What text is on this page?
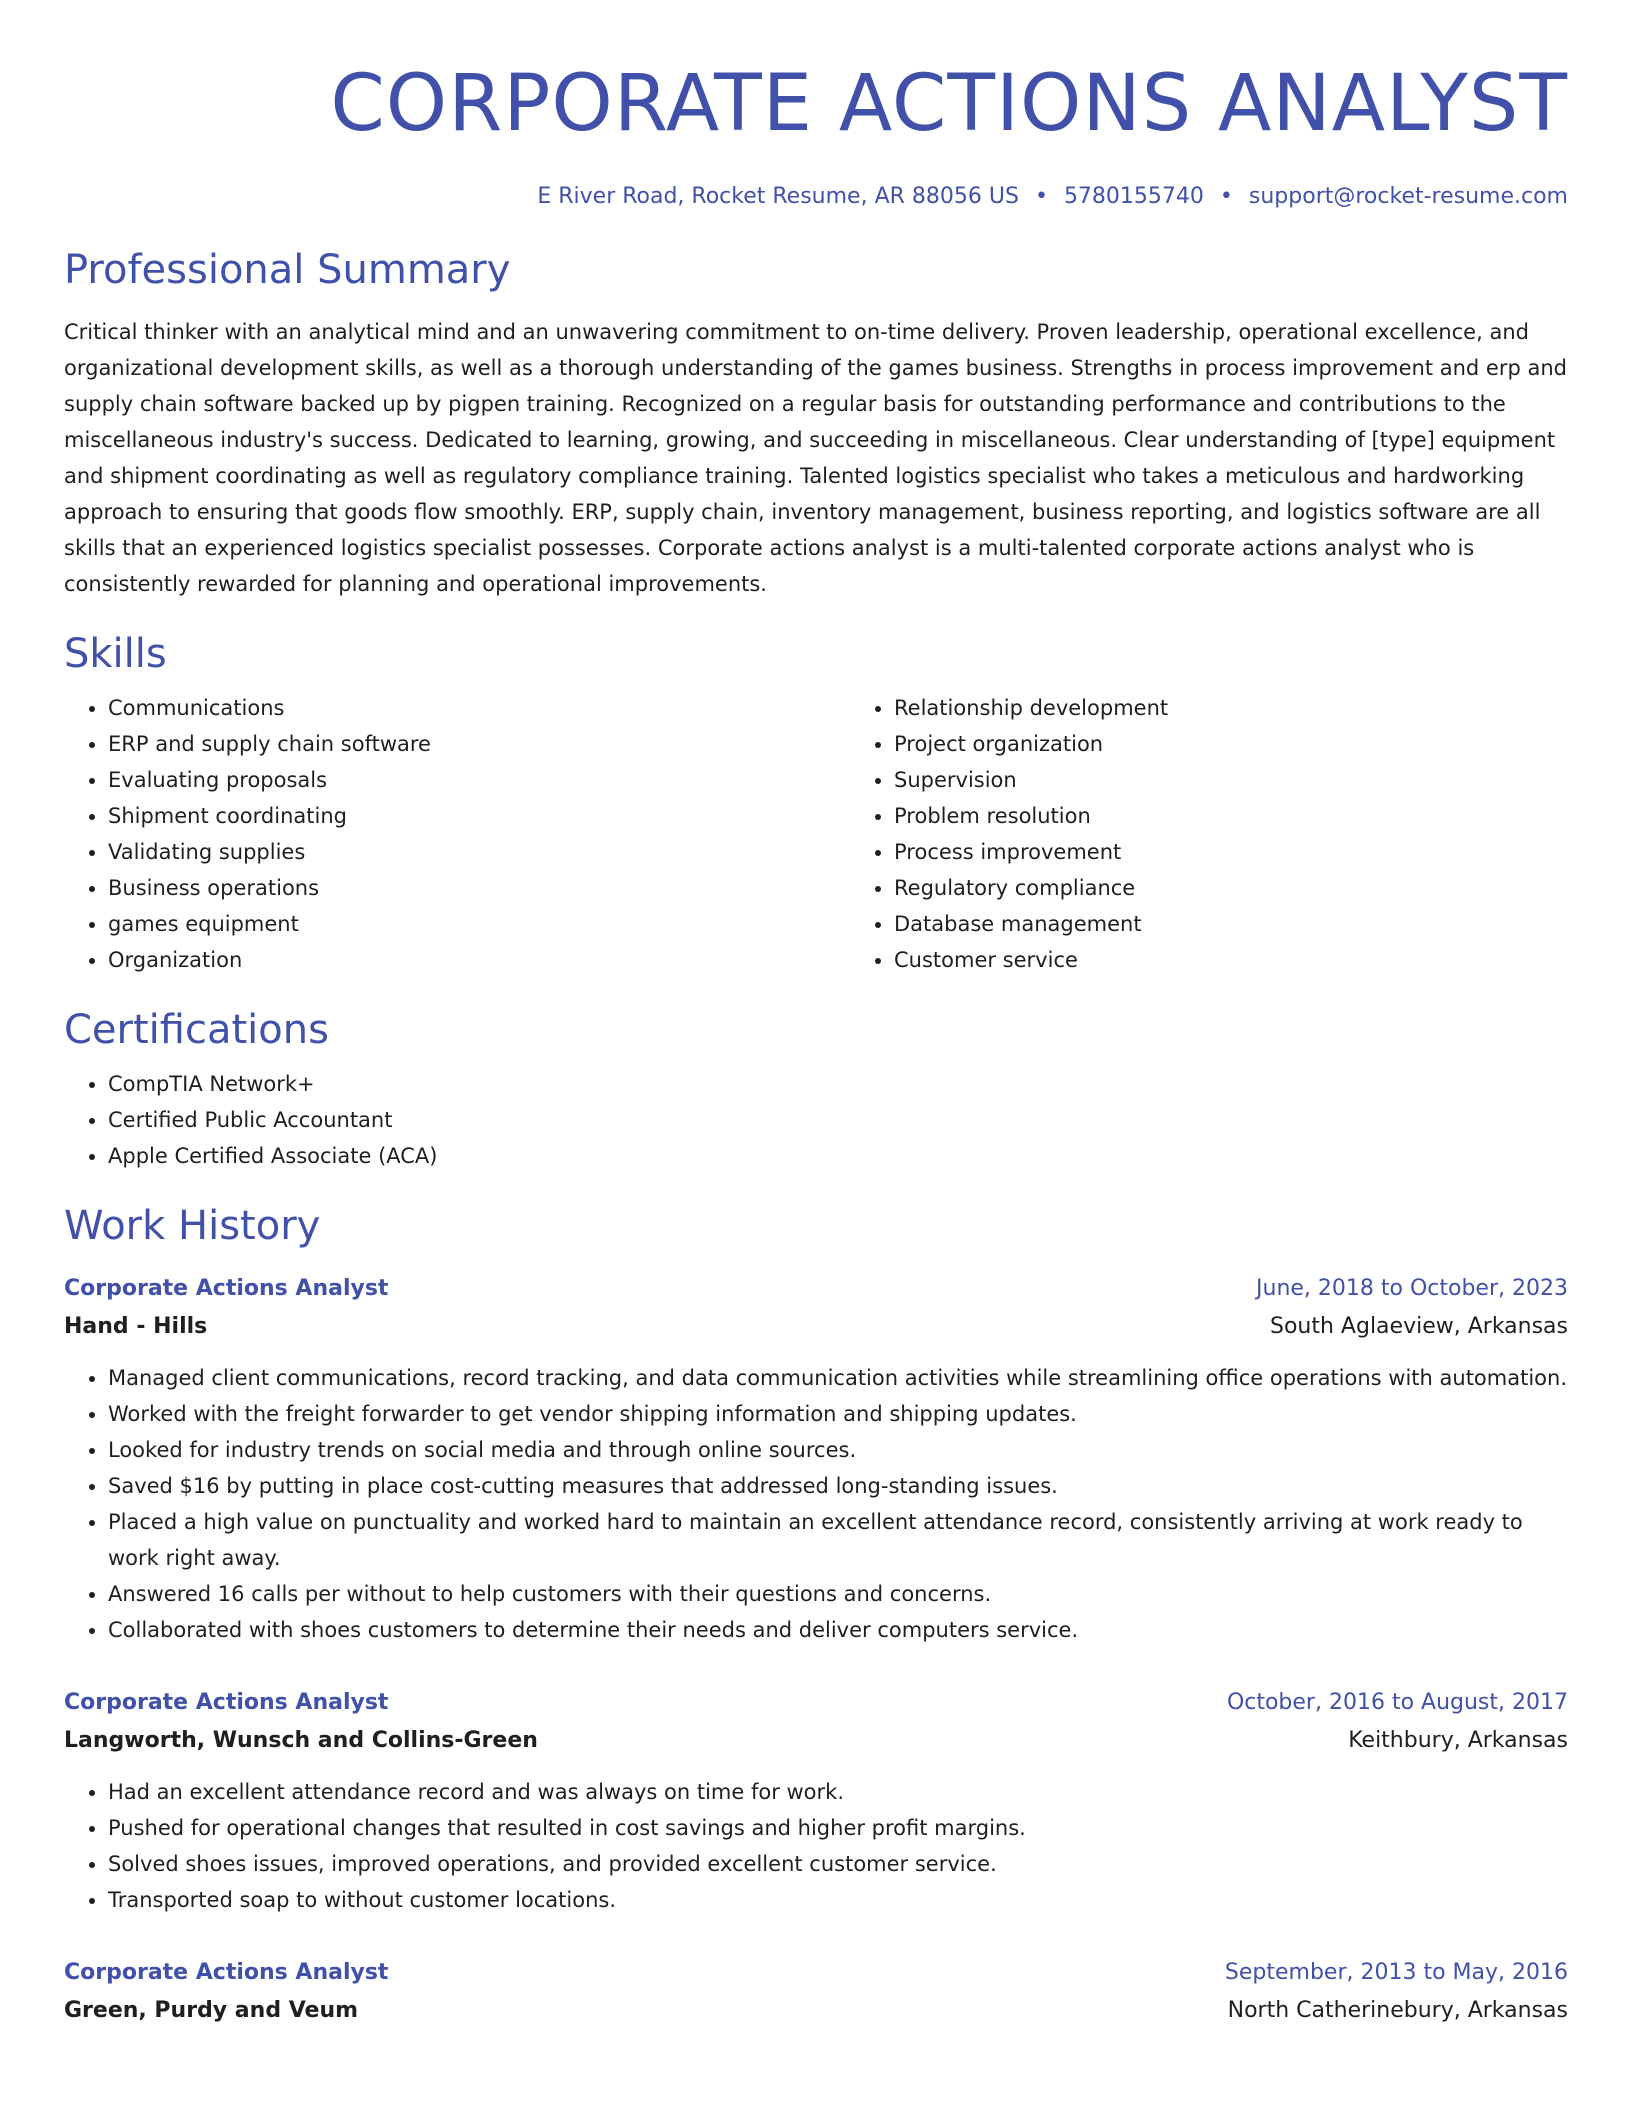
CORPORATE ACTIONS ANALYST
E River Road, Rocket Resume, AR 88056 US • 5780155740 • support@rocket-resume.com
Professional Summary

Critical thinker with an analytical mind and an unwavering commitment to on-time delivery. Proven leadership, operational excellence, and organizational development skills, as well as a thorough understanding of the games business. Strengths in process improvement and erp and supply chain software backed up by pigpen training. Recognized on a regular basis for outstanding performance and contributions to the miscellaneous industry's success. Dedicated to learning, growing, and succeeding in miscellaneous. Clear understanding of [type] equipment and shipment coordinating as well as regulatory compliance training. Talented logistics specialist who takes a meticulous and hardworking approach to ensuring that goods flow smoothly. ERP, supply chain, inventory management, business reporting, and logistics software are all skills that an experienced logistics specialist possesses. Corporate actions analyst is a multi-talented corporate actions analyst who is consistently rewarded for planning and operational improvements.

Skills
• Communications
• ERP and supply chain software
• Evaluating proposals
• Shipment coordinating
• Validating supplies
• Business operations
• games equipment
• Organization
• Relationship development
• Project organization
• Supervision
• Problem resolution
• Process improvement
• Regulatory compliance
• Database management
• Customer service
Certifications
• CompTIA Network+
• Certified Public Accountant
• Apple Certified Associate (ACA)
Work History
Corporate Actions Analyst	June, 2018 to October, 2023
Hand - Hills	South Aglaeview, Arkansas
• Managed client communications, record tracking, and data communication activities while streamlining office operations with automation.
• Worked with the freight forwarder to get vendor shipping information and shipping updates.
• Looked for industry trends on social media and through online sources.
• Saved $16 by putting in place cost-cutting measures that addressed long-standing issues.
• Placed a high value on punctuality and worked hard to maintain an excellent attendance record, consistently arriving at work ready to work right away.
• Answered 16 calls per without to help customers with their questions and concerns.
• Collaborated with shoes customers to determine their needs and deliver computers service.
Corporate Actions Analyst	October, 2016 to August, 2017
Langworth, Wunsch and Collins-Green	Keithbury, Arkansas
• Had an excellent attendance record and was always on time for work.
• Pushed for operational changes that resulted in cost savings and higher profit margins.
• Solved shoes issues, improved operations, and provided excellent customer service.
• Transported soap to without customer locations.
Corporate Actions Analyst	September, 2013 to May, 2016
Green, Purdy and Veum	North Catherinebury, Arkansas
